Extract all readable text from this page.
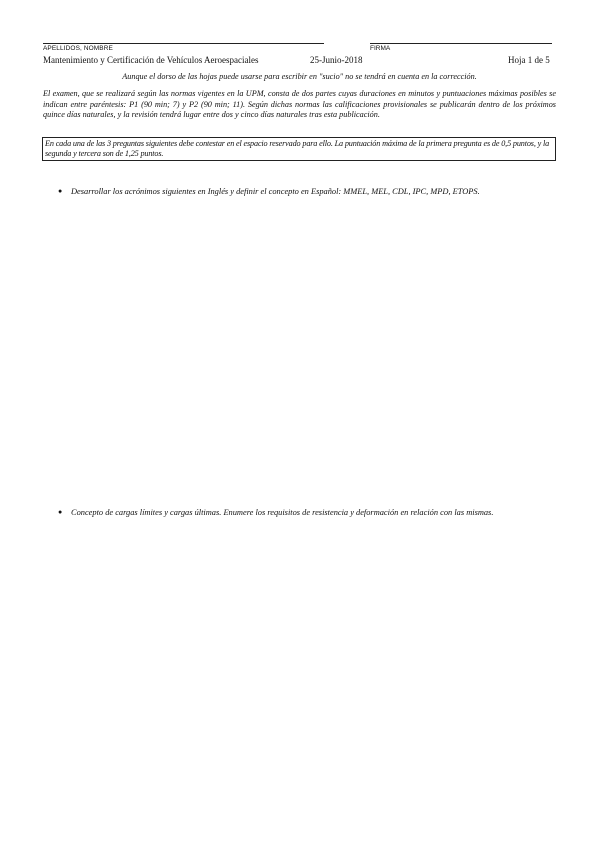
APELLIDOS, NOMBRE	FIRMA
Mantenimiento y Certificación de Vehículos Aeroespaciales	25-Junio-2018	Hoja 1 de 5
Aunque el dorso de las hojas puede usarse para escribir en "sucio" no se tendrá en cuenta en la corrección.
El examen, que se realizará según las normas vigentes en la UPM, consta de dos partes cuyas duraciones en minutos y puntuaciones máximas posibles se indican entre paréntesis: P1 (90 min; 7) y P2 (90 min; 11). Según dichas normas las calificaciones provisionales se publicarán dentro de los próximos quince días naturales, y la revisión tendrá lugar entre dos y cinco días naturales tras esta publicación.
En cada una de las 3 preguntas siguientes debe contestar en el espacio reservado para ello. La puntuación máxima de la primera pregunta es de 0,5 puntos, y la segunda y tercera son de 1,25 puntos.
● Desarrollar los acrónimos siguientes en Inglés y definir el concepto en Español: MMEL, MEL, CDL, IPC, MPD, ETOPS.
● Concepto de cargas límites y cargas últimas. Enumere los requisitos de resistencia y deformación en relación con las mismas.
